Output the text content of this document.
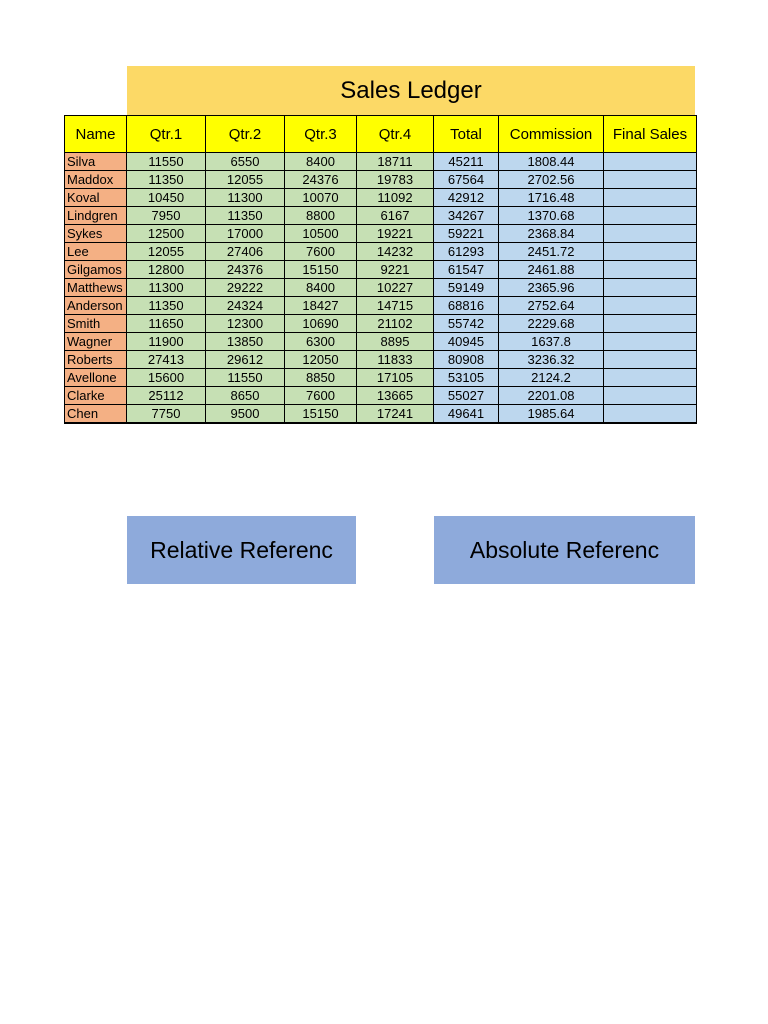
Sales Ledger
Name	Qtr.1	Qtr.2	Qtr.3	Qtr.4	Total	Commission	Final Sales
Silva	11550	6550	8400	18711	45211	1808.44	
Maddox	11350	12055	24376	19783	67564	2702.56	
Koval	10450	11300	10070	11092	42912	1716.48	
Lindgren	7950	11350	8800	6167	34267	1370.68	
Sykes	12500	17000	10500	19221	59221	2368.84	
Lee	12055	27406	7600	14232	61293	2451.72	
Gilgamos	12800	24376	15150	9221	61547	2461.88	
Matthews	11300	29222	8400	10227	59149	2365.96	
Anderson	11350	24324	18427	14715	68816	2752.64	
Smith	11650	12300	10690	21102	55742	2229.68	
Wagner	11900	13850	6300	8895	40945	1637.8	
Roberts	27413	29612	12050	11833	80908	3236.32	
Avellone	15600	11550	8850	17105	53105	2124.2	
Clarke	25112	8650	7600	13665	55027	2201.08	
Chen	7750	9500	15150	17241	49641	1985.64	
Relative Referenc	Absolute Referenc
